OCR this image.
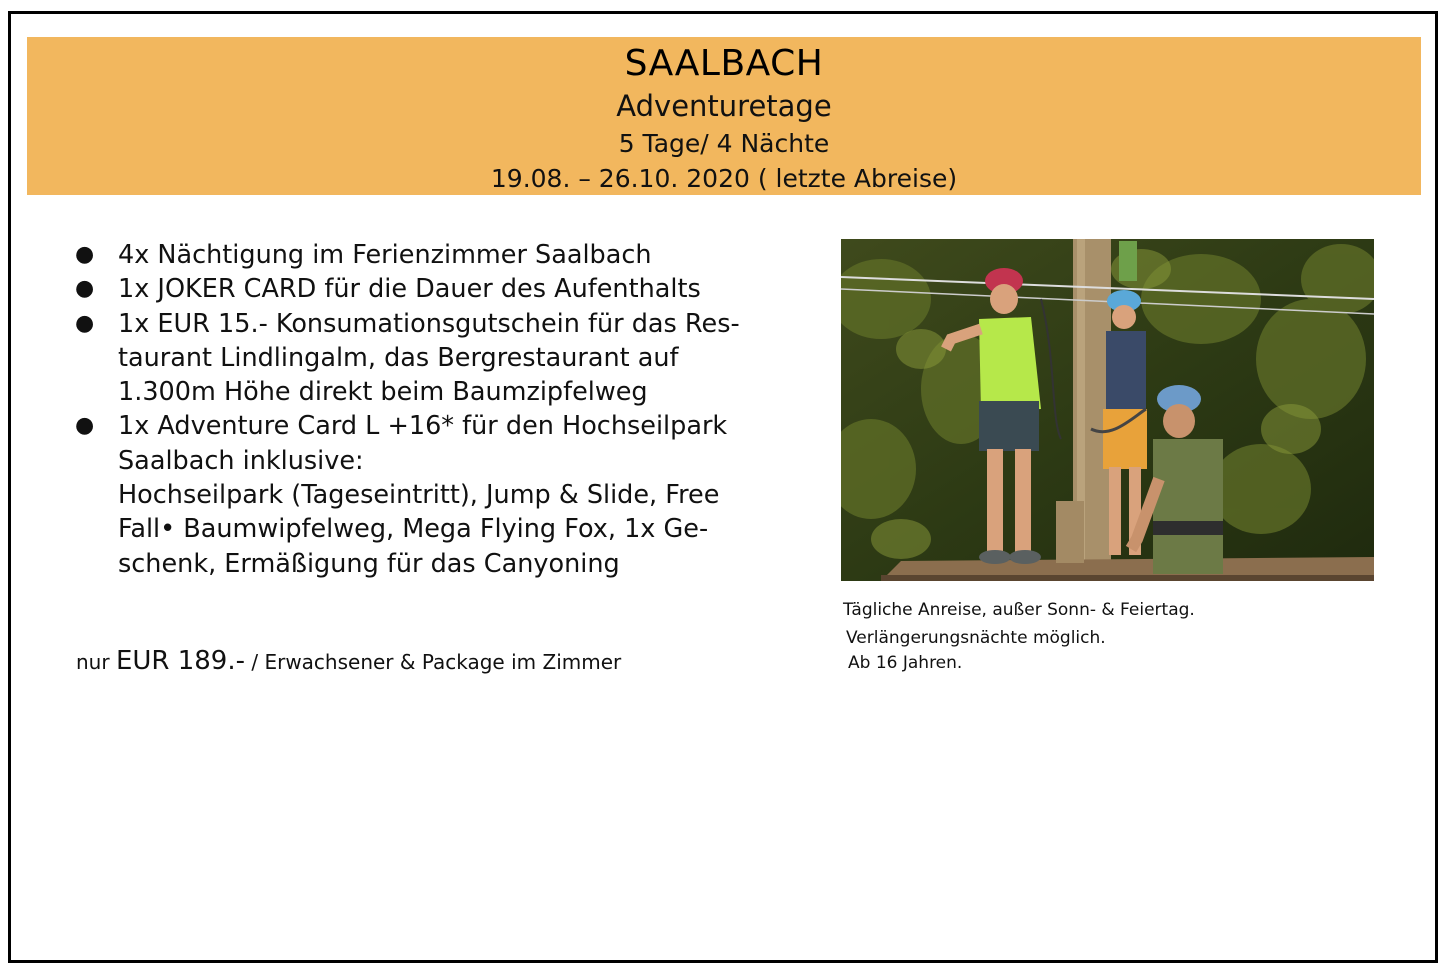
SAALBACH
Adventuretage
5 Tage/ 4 Nächte
19.08. – 26.10. 2020 ( letzte Abreise)
● 4x Nächtigung im Ferienzimmer Saalbach
● 1x JOKER CARD für die Dauer des Aufenthalts
● 1x EUR 15.- Konsumationsgutschein für das Res-
taurant Lindlingalm, das Bergrestaurant auf
1.300m Höhe direkt beim Baumzipfelweg
● 1x Adventure Card L +16* für den Hochseilpark
Saalbach inklusive:
Hochseilpark (Tageseintritt), Jump & Slide, Free
Fall• Baumwipfelweg, Mega Flying Fox, 1x Ge-
schenk, Ermäßigung für das Canyoning
nur EUR 189.- / Erwachsener & Package im Zimmer
Tägliche Anreise, außer Sonn- & Feiertag.
Verlängerungsnächte möglich.
Ab 16 Jahren.
